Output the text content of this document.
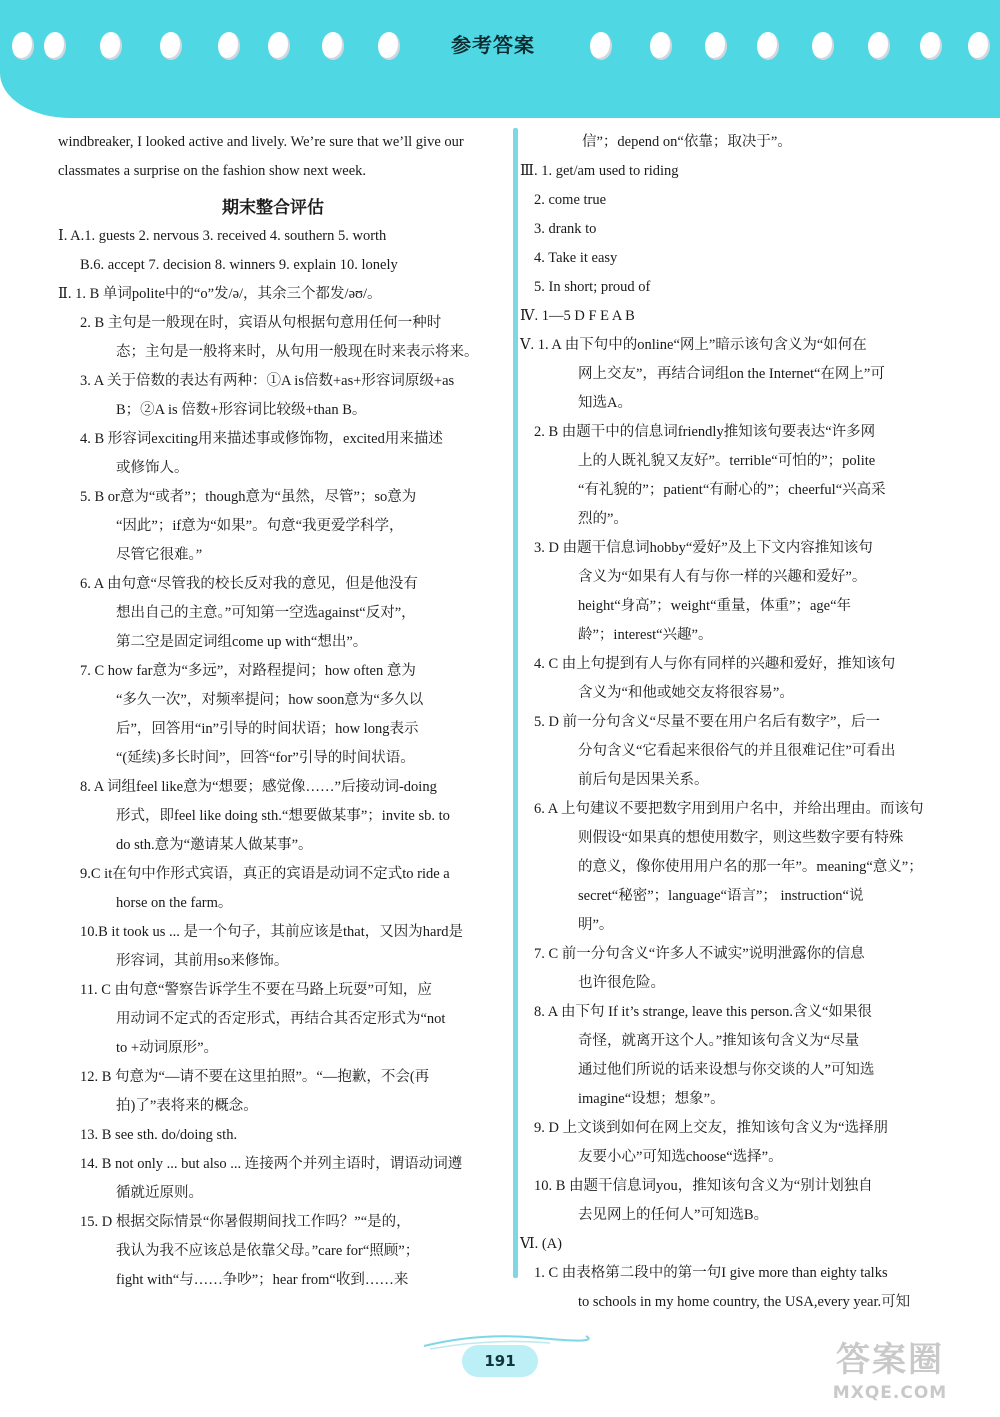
参考答案
windbreaker, I looked active and lively. We’re sure that we’ll give our
classmates a surprise on the fashion show next week.
期末整合评估
Ⅰ. A.1. guests 2. nervous 3. received 4. southern 5. worth
B.6. accept 7. decision 8. winners 9. explain 10. lonely
Ⅱ. 1. B 单词polite中的“o”发/ə/，其余三个都发/əʊ/。
2. B 主句是一般现在时，宾语从句根据句意用任何一种时
态；主句是一般将来时，从句用一般现在时来表示将来。
3. A 关于倍数的表达有两种：①A is倍数+as+形容词原级+as
B；②A is 倍数+形容词比较级+than B。
4. B 形容词exciting用来描述事或修饰物，excited用来描述
或修饰人。
5. B or意为“或者”；though意为“虽然，尽管”；so意为
“因此”；if意为“如果”。句意“我更爱学科学，
尽管它很难。”
6. A 由句意“尽管我的校长反对我的意见，但是他没有
想出自己的主意。”可知第一空选against“反对”，
第二空是固定词组come up with“想出”。
7. C how far意为“多远”，对路程提问；how often 意为
“多久一次”，对频率提问；how soon意为“多久以
后”，回答用“in”引导的时间状语；how long表示
“(延续)多长时间”，回答“for”引导的时间状语。
8. A 词组feel like意为“想要；感觉像……”后接动词-doing
形式，即feel like doing sth.“想要做某事”；invite sb. to
do sth.意为“邀请某人做某事”。
9.C it在句中作形式宾语，真正的宾语是动词不定式to ride a
horse on the farm。
10.B it took us ... 是一个句子，其前应该是that，又因为hard是
形容词，其前用so来修饰。
11. C 由句意“警察告诉学生不要在马路上玩耍”可知，应
用动词不定式的否定形式，再结合其否定形式为“not
to +动词原形”。
12. B 句意为“—请不要在这里拍照”。“—抱歉，不会(再
拍)了”表将来的概念。
13. B see sth. do/doing sth.
14. B not only ... but also ... 连接两个并列主语时，谓语动词遵
循就近原则。
15. D 根据交际情景“你暑假期间找工作吗？”“是的，
我认为我不应该总是依靠父母。”care for“照顾”；
fight with“与……争吵”；hear from“收到……来
信”；depend on“依靠；取决于”。
Ⅲ. 1. get/am used to riding
2. come true
3. drank to
4. Take it easy
5. In short; proud of
Ⅳ. 1—5 D F E A B
Ⅴ. 1. A 由下句中的online“网上”暗示该句含义为“如何在
网上交友”，再结合词组on the Internet“在网上”可
知选A。
2. B 由题干中的信息词friendly推知该句要表达“许多网
上的人既礼貌又友好”。terrible“可怕的”；polite
“有礼貌的”；patient“有耐心的”；cheerful“兴高采
烈的”。
3. D 由题干信息词hobby“爱好”及上下文内容推知该句
含义为“如果有人有与你一样的兴趣和爱好”。
height“身高”；weight“重量，体重”；age“年
龄”；interest“兴趣”。
4. C 由上句提到有人与你有同样的兴趣和爱好，推知该句
含义为“和他或她交友将很容易”。
5. D 前一分句含义“尽量不要在用户名后有数字”，后一
分句含义“它看起来很俗气的并且很难记住”可看出
前后句是因果关系。
6. A 上句建议不要把数字用到用户名中，并给出理由。而该句
则假设“如果真的想使用数字，则这些数字要有特殊
的意义，像你使用用户名的那一年”。meaning“意义”；
secret“秘密”；language“语言”； instruction“说
明”。
7. C 前一分句含义“许多人不诚实”说明泄露你的信息
也许很危险。
8. A 由下句 If it’s strange, leave this person.含义“如果很
奇怪，就离开这个人。”推知该句含义为“尽量
通过他们所说的话来设想与你交谈的人”可知选
imagine“设想；想象”。
9. D 上文谈到如何在网上交友，推知该句含义为“选择朋
友要小心”可知选choose“选择”。
10. B 由题干信息词you，推知该句含义为“别计划独自
去见网上的任何人”可知选B。
Ⅵ. (A)
1. C 由表格第二段中的第一句I give more than eighty talks
to schools in my home country, the USA,every year.可知
191	答案圈
MXQE.COM
